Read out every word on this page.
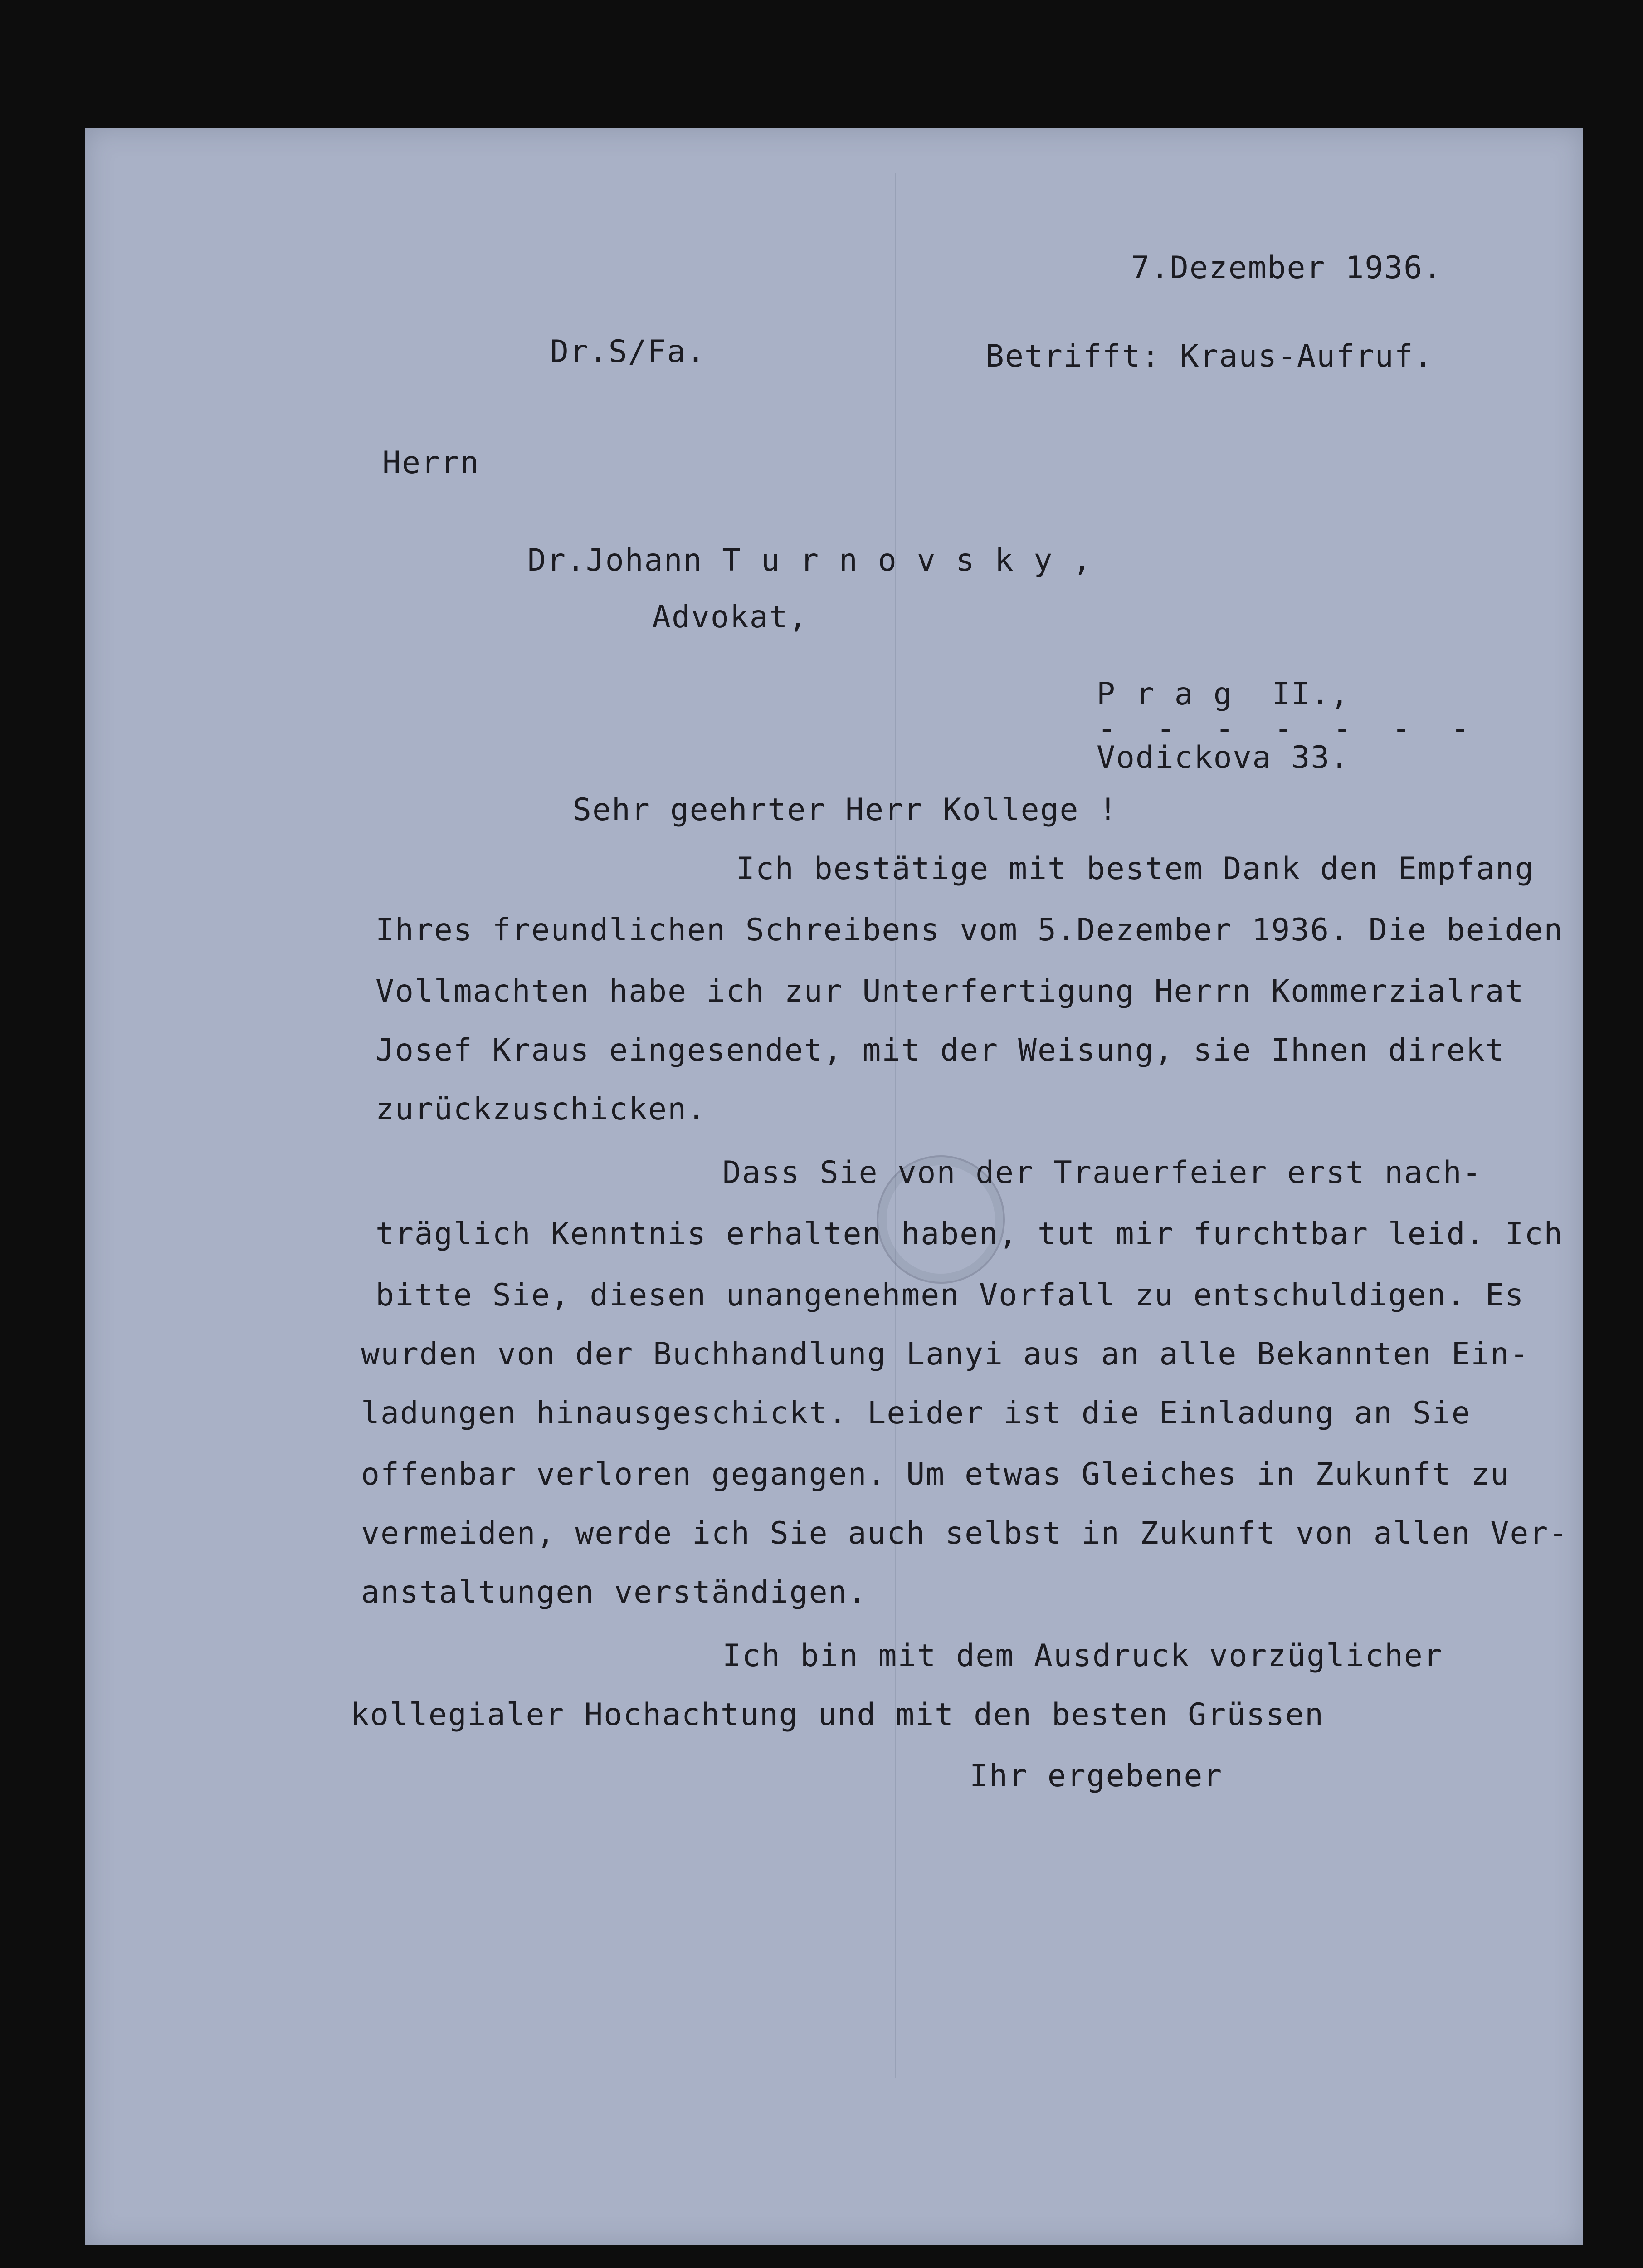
7.Dezember 1936.
Dr.S/Fa.	Betrifft: Kraus-Aufruf.
Herrn
Dr.Johann T u r n o v s k y ,
Advokat,
P r a g  II.,
- - - - - - -
Vodickova 33.
Sehr geehrter Herr Kollege !
Ich bestätige mit bestem Dank den Empfang
Ihres freundlichen Schreibens vom 5.Dezember 1936. Die beiden
Vollmachten habe ich zur Unterfertigung Herrn Kommerzialrat
Josef Kraus eingesendet, mit der Weisung, sie Ihnen direkt
zurückzuschicken.
Dass Sie von der Trauerfeier erst nach-
träglich Kenntnis erhalten haben, tut mir furchtbar leid. Ich
bitte Sie, diesen unangenehmen Vorfall zu entschuldigen. Es
wurden von der Buchhandlung Lanyi aus an alle Bekannten Ein-
ladungen hinausgeschickt. Leider ist die Einladung an Sie
offenbar verloren gegangen. Um etwas Gleiches in Zukunft zu
vermeiden, werde ich Sie auch selbst in Zukunft von allen Ver-
anstaltungen verständigen.
Ich bin mit dem Ausdruck vorzüglicher
kollegialer Hochachtung und mit den besten Grüssen
Ihr ergebener
